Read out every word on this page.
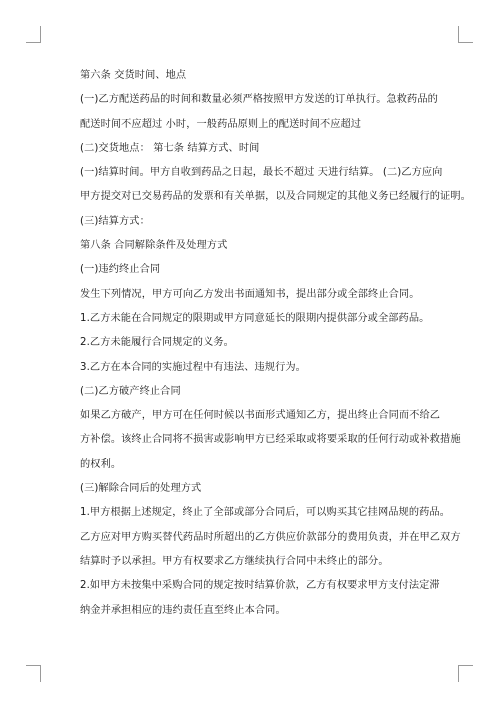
第六条 交货时间、地点
(一)乙方配送药品的时间和数量必须严格按照甲方发送的订单执行。急救药品的
配送时间不应超过 小时，一般药品原则上的配送时间不应超过
(二)交货地点： 第七条 结算方式、时间
(一)结算时间。甲方自收到药品之日起，最长不超过 天进行结算。 (二)乙方应向
甲方提交对已交易药品的发票和有关单据，以及合同规定的其他义务已经履行的证明。
(三)结算方式：
第八条 合同解除条件及处理方式
(一)违约终止合同
发生下列情况，甲方可向乙方发出书面通知书，提出部分或全部终止合同。
1.乙方未能在合同规定的限期或甲方同意延长的限期内提供部分或全部药品。
2.乙方未能履行合同规定的义务。
3.乙方在本合同的实施过程中有违法、违规行为。
(二)乙方破产终止合同
如果乙方破产，甲方可在任何时候以书面形式通知乙方，提出终止合同而不给乙
方补偿。该终止合同将不损害或影响甲方已经采取或将要采取的任何行动或补救措施
的权利。
(三)解除合同后的处理方式
1.甲方根据上述规定，终止了全部或部分合同后，可以购买其它挂网品规的药品。
乙方应对甲方购买替代药品时所超出的乙方供应价款部分的费用负责，并在甲乙双方
结算时予以承担。甲方有权要求乙方继续执行合同中未终止的部分。
2.如甲方未按集中采购合同的规定按时结算价款，乙方有权要求甲方支付法定滞
纳金并承担相应的违约责任直至终止本合同。
